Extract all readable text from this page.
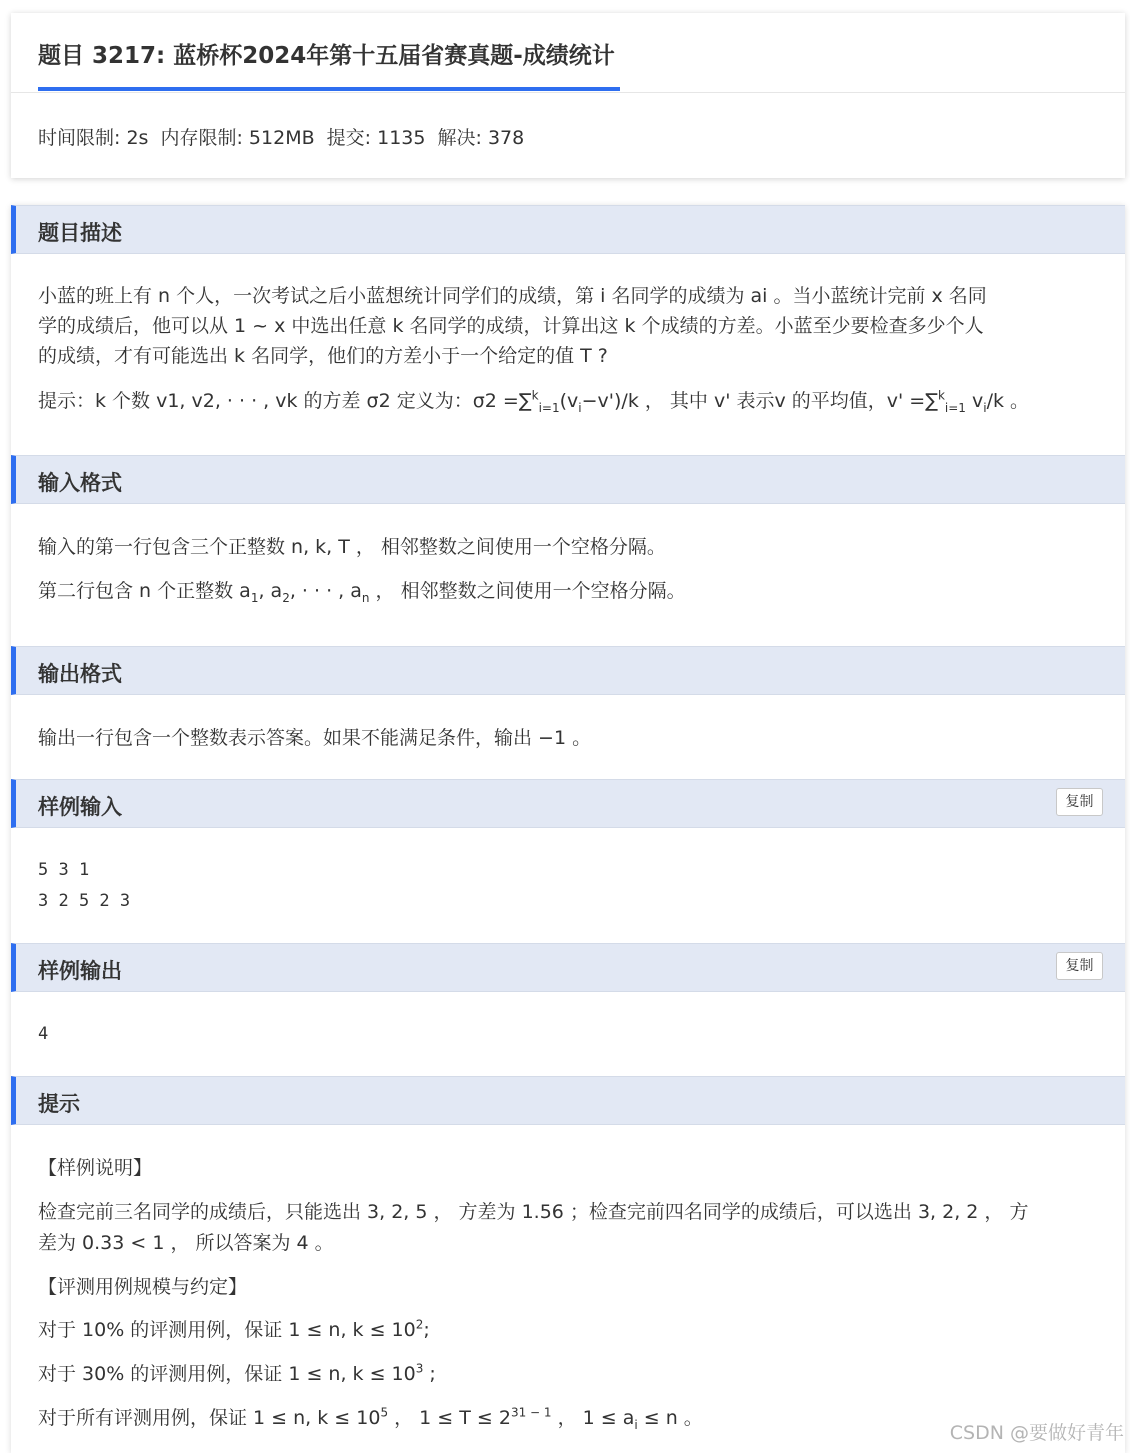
题目 3217: 蓝桥杯2024年第十五届省赛真题-成绩统计
时间限制: 2s 内存限制: 512MB 提交: 1135 解决: 378
题目描述
小蓝的班上有 n 个人，一次考试之后小蓝想统计同学们的成绩，第 i 名同学的成绩为 ai 。当小蓝统计完前 x 名同
学的成绩后，他可以从 1 ~ x 中选出任意 k 名同学的成绩，计算出这 k 个成绩的方差。小蓝至少要检查多少个人
的成绩，才有可能选出 k 名同学，他们的方差小于一个给定的值 T ?
提示：k 个数 v1, v2, · · · , vk 的方差 σ2 定义为：$\sigma 2 =\sum^k_{i=1}(v_i-v')/k$ ， 其中 v' 表示v 的平均值，v' =∑$^k_{i=1}$ $v_i/k$ 。
输入格式
输入的第一行包含三个正整数 n, k, T ， 相邻整数之间使用一个空格分隔。
第二行包含 n 个正整数 $a_1$, $a_2$, · · · , $a_n$ ， 相邻整数之间使用一个空格分隔。
输出格式
输出一行包含一个整数表示答案。如果不能满足条件，输出 −1 。
样例输入	复制
5 3 1
3 2 5 2 3
样例输出	复制
4
提示
【样例说明】
检查完前三名同学的成绩后，只能选出 3, 2, 5 ， 方差为 1.56 ；检查完前四名同学的成绩后，可以选出 3, 2, 2 ， 方
差为 0.33 < 1 ， 所以答案为 4 。
【评测用例规模与约定】
对于 10% 的评测用例，保证 1 ≤ n, $k \le 10^2$;
对于 30% 的评测用例，保证 1 ≤ n, $k \le 10^3$ ;
对于所有评测用例，保证 1 ≤ n, $k \le 10^5$ ， $1 \le T \le 2^{31 - 1}$ ， $1 \le a_i \le n$ 。
CSDN @要做好青年
